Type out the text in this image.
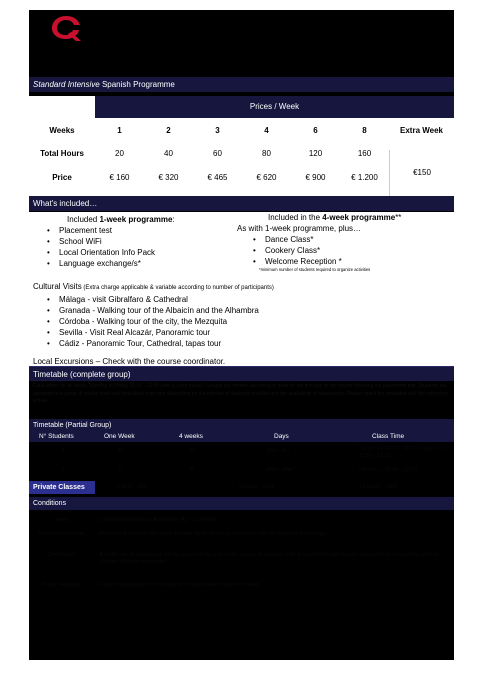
Standard Intensive Spanish Programme
Prices / Week
Weeks	1	2	3	4	6	8	Extra Week
Total Hours	20	40	60	80	120	160
Price	€ 160	€ 320	€ 465	€ 620	€ 900	€ 1.200
€150
What's included…
Included 1-week programme:
• Placement test
• School WiFi
• Local Orientation Info Pack
• Language exchange/s*
Included in the 4-week programme**
As with 1-week programme, plus…
• Dance Class*
• Cookery Class*
• Welcome Reception *
*minimum number of students required to organize activities
Cultural Visits (Extra charge applicable & variable according to number of participants)
• Málaga - visit Gibralfaro & Cathedral
• Granada - Walking tour of the Albaicín and the Alhambra
• Córdoba - Walking tour of the city, the Mezquita
• Sevilla - Visit Real Alcazár, Panoramic tour
• Cádiz - Panoramic Tour, Cathedral, tapas tour
Local Excursions – Check with the course coordinator.
Timetable (complete group)
Class times for all levels: Monday to Friday 09:00 - 13:00 (with a short break). Groups are formed according to level on the first day of the course following the placement test. Students are assigned to a group of similar level and timetables may vary depending on the number of students enrolled and the availability of classrooms. Please check the timetable with the school on arrival.
Timetable (Partial Group)
N° Students	One Week	4 weeks	Days	Class Time
4	10	90	Mon - Fri	Option 1 - 09:00 - 11:00 / Option 2 - 11:30 - 13:30
3	12	96	Mon - Wed	Option 3 - 15:00 - 17:00
Private Classes	1 hour - 25€	5 hours - 120€	10 hours - 230€
Conditions
Levels	Complete Beginner to Advanced (A1 - C2 levels).
Minimum Students	Minimum 4 students per class. If fewer students enrol, class time may be reduced accordingly.
Certificates	A certificate of attendance will be issued at the end of the course to students with at least 80% attendance, stating the level reached and the number of hours completed.
Public Holidays	Public holidays are not included and classes will not be recovered.
